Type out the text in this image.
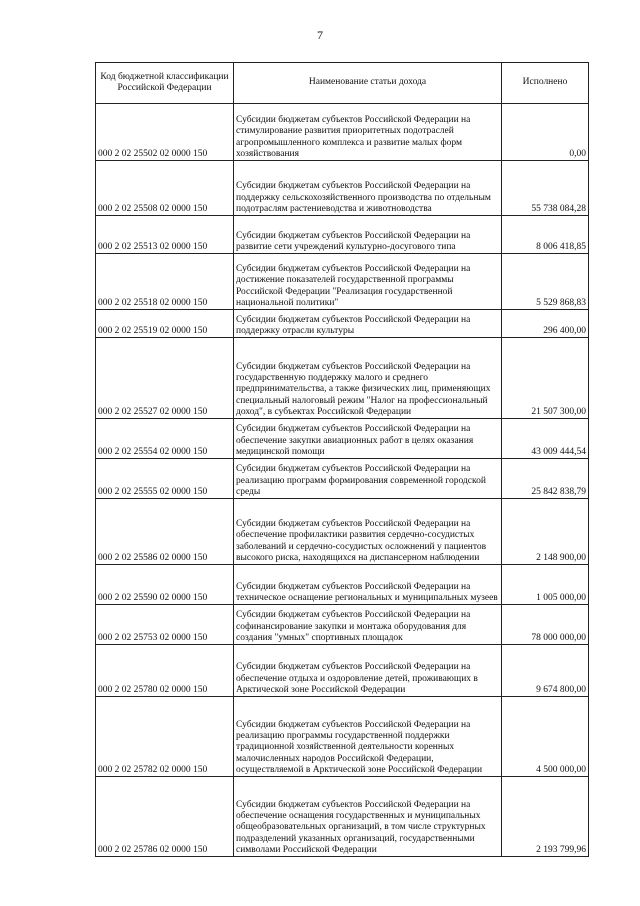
7
Код бюджетной классификации Российской Федерации	Наименование статьи дохода	Исполнено
000 2 02 25502 02 0000 150	Субсидии бюджетам субъектов Российской Федерации на стимулирование развития приоритетных подотраслей агропромышленного комплекса и развитие малых форм хозяйствования	0,00
000 2 02 25508 02 0000 150	Субсидии бюджетам субъектов Российской Федерации на поддержку сельскохозяйственного производства по отдельным подотраслям растениеводства и животноводства	55 738 084,28
000 2 02 25513 02 0000 150	Субсидии бюджетам субъектов Российской Федерации на развитие сети учреждений культурно-досугового типа	8 006 418,85
000 2 02 25518 02 0000 150	Субсидии бюджетам субъектов Российской Федерации на достижение показателей государственной программы Российской Федерации "Реализация государственной национальной политики"	5 529 868,83
000 2 02 25519 02 0000 150	Субсидии бюджетам субъектов Российской Федерации на поддержку отрасли культуры	296 400,00
000 2 02 25527 02 0000 150	Субсидии бюджетам субъектов Российской Федерации на государственную поддержку малого и среднего предпринимательства, а также физических лиц, применяющих специальный налоговый режим "Налог на профессиональный доход", в субъектах Российской Федерации	21 507 300,00
000 2 02 25554 02 0000 150	Субсидии бюджетам субъектов Российской Федерации на обеспечение закупки авиационных работ в целях оказания медицинской помощи	43 009 444,54
000 2 02 25555 02 0000 150	Субсидии бюджетам субъектов Российской Федерации на реализацию программ формирования современной городской среды	25 842 838,79
000 2 02 25586 02 0000 150	Субсидии бюджетам субъектов Российской Федерации на обеспечение профилактики развития сердечно-сосудистых заболеваний и сердечно-сосудистых осложнений у пациентов высокого риска, находящихся на диспансерном наблюдении	2 148 900,00
000 2 02 25590 02 0000 150	Субсидии бюджетам субъектов Российской Федерации на техническое оснащение региональных и муниципальных музеев	1 005 000,00
000 2 02 25753 02 0000 150	Субсидии бюджетам субъектов Российской Федерации на софинансирование закупки и монтажа оборудования для создания "умных" спортивных площадок	78 000 000,00
000 2 02 25780 02 0000 150	Субсидии бюджетам субъектов Российской Федерации на обеспечение отдыха и оздоровление детей, проживающих в Арктической зоне Российской Федерации	9 674 800,00
000 2 02 25782 02 0000 150	Субсидии бюджетам субъектов Российской Федерации на реализацию программы государственной поддержки традиционной хозяйственной деятельности коренных малочисленных народов Российской Федерации, осуществляемой в Арктической зоне Российской Федерации	4 500 000,00
000 2 02 25786 02 0000 150	Субсидии бюджетам субъектов Российской Федерации на обеспечение оснащения государственных и муниципальных общеобразовательных организаций, в том числе структурных подразделений указанных организаций, государственными символами Российской Федерации	2 193 799,96
